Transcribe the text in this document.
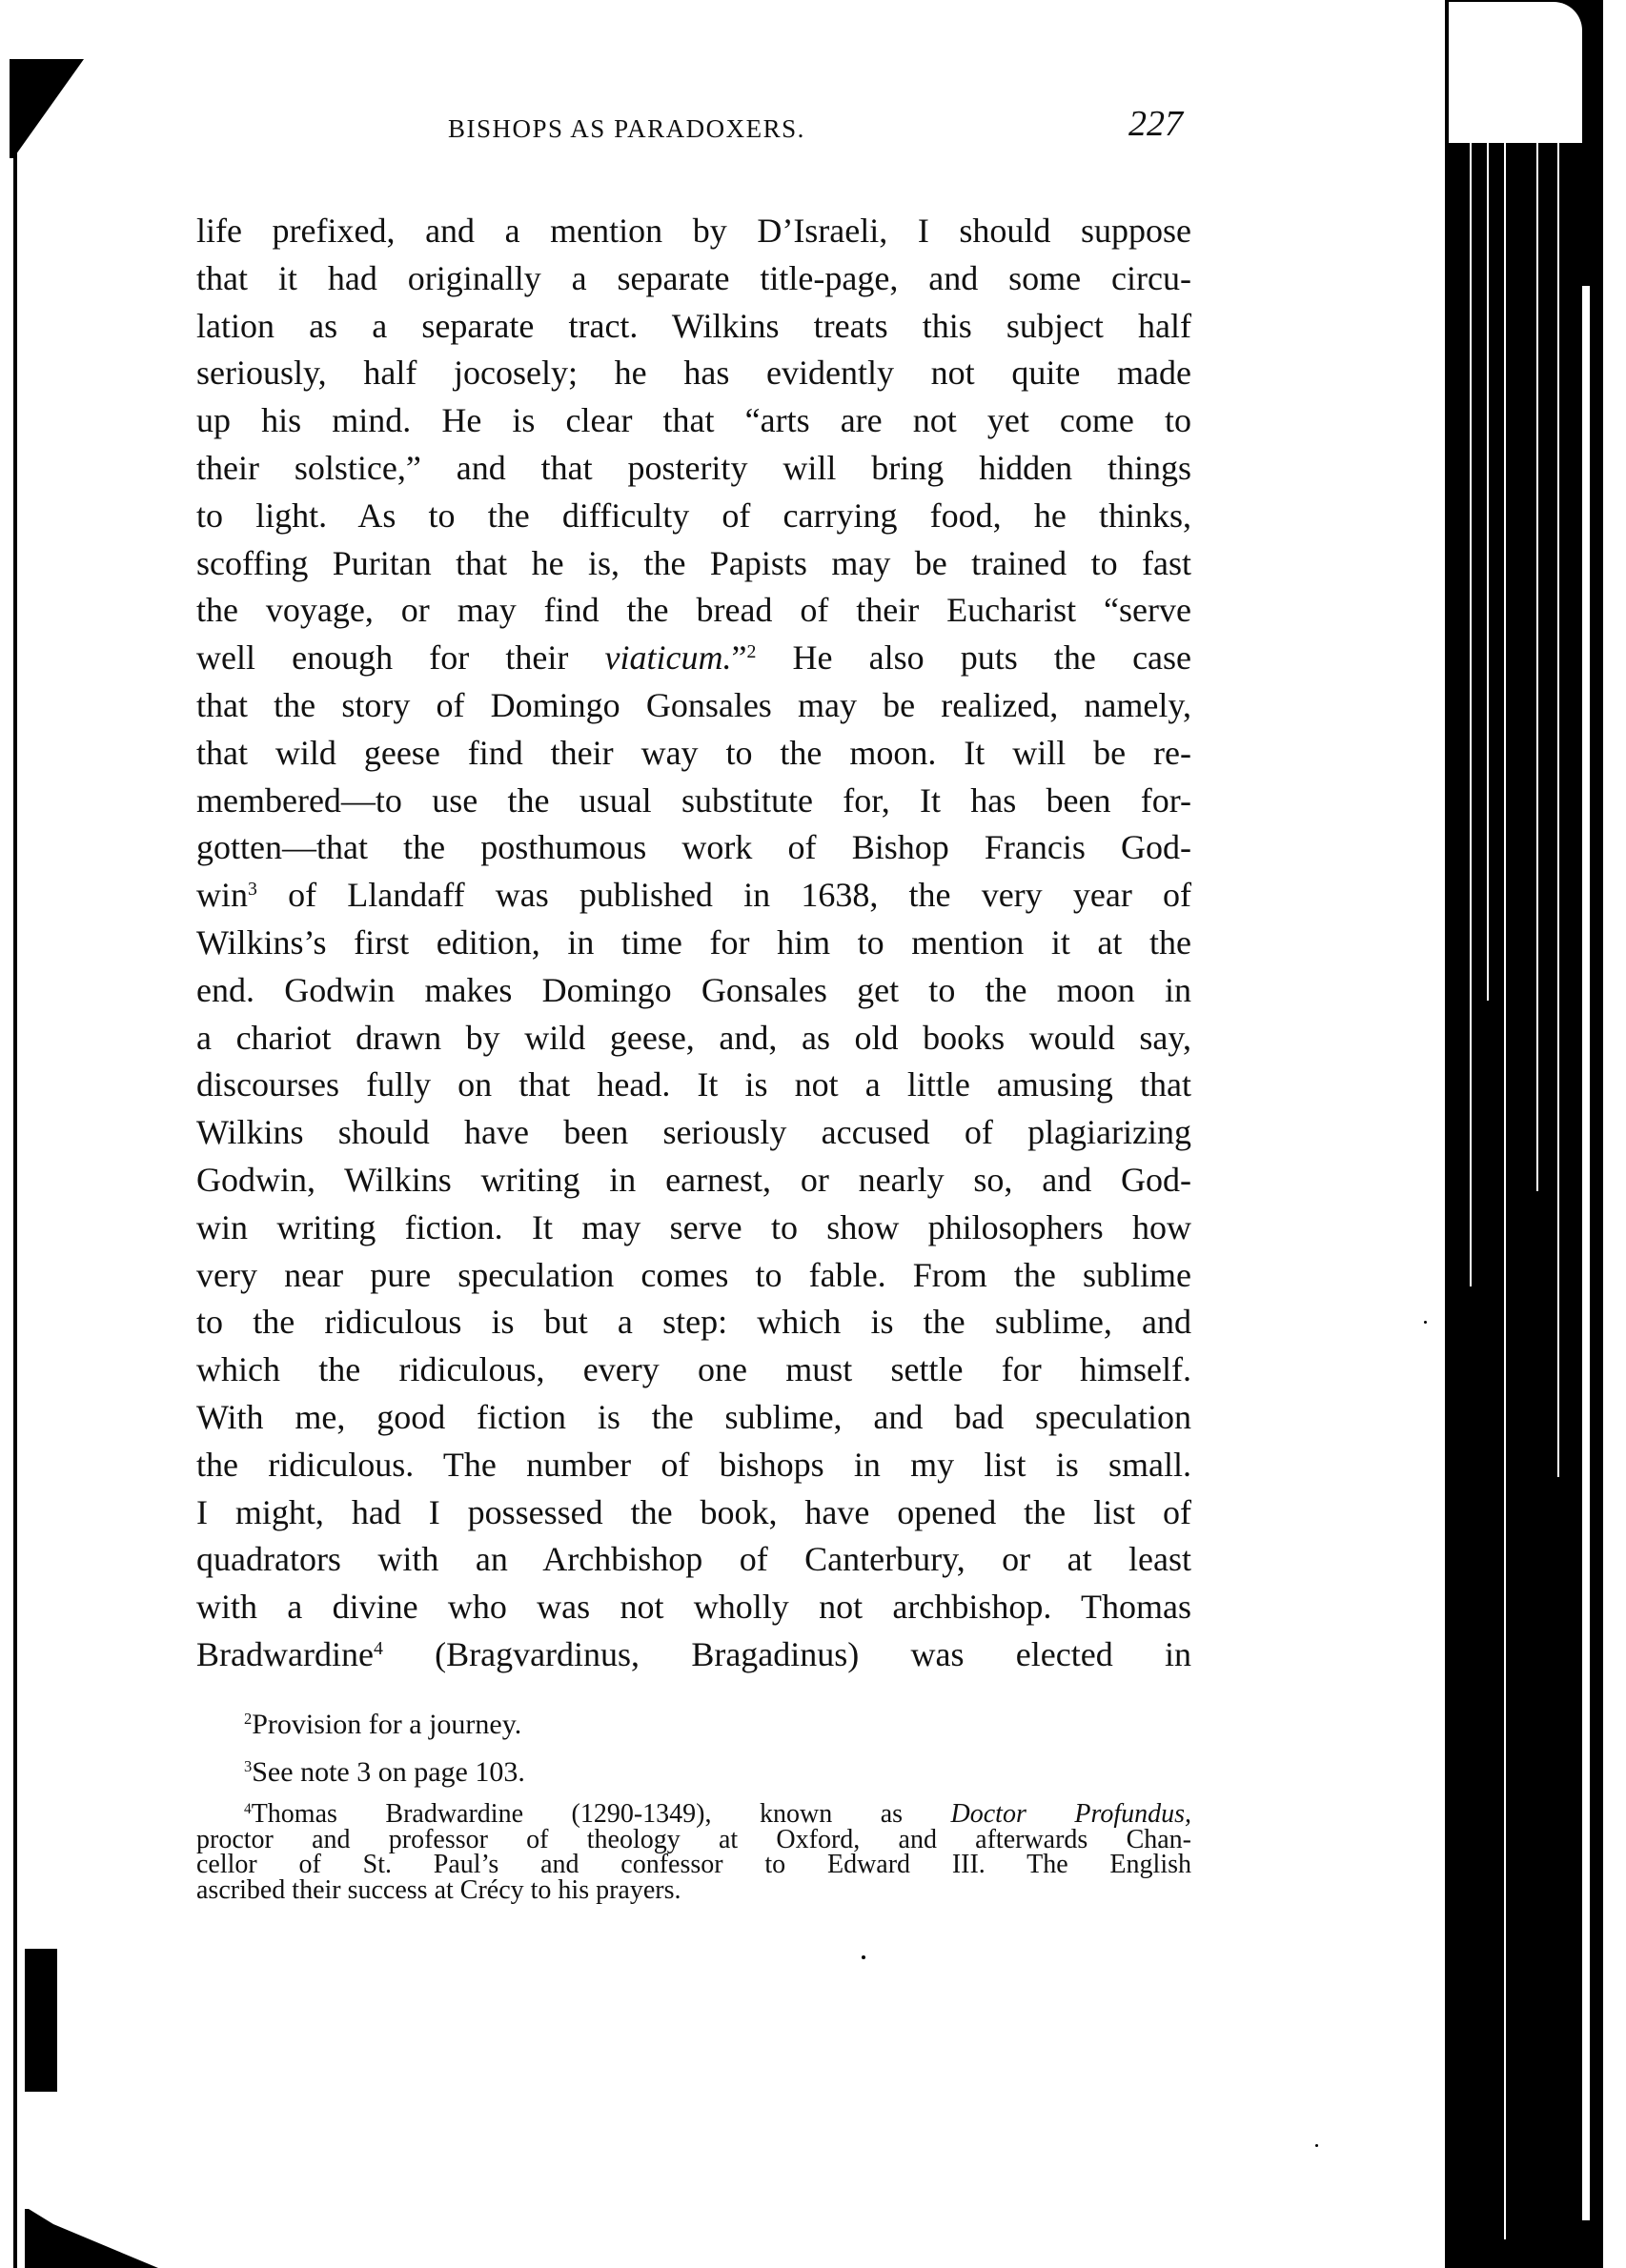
BISHOPS AS PARADOXERS.	227
life prefixed, and a mention by D’Israeli, I should suppose
that it had originally a separate title-page, and some circu-
lation as a separate tract. Wilkins treats this subject half
seriously, half jocosely; he has evidently not quite made
up his mind. He is clear that “arts are not yet come to
their solstice,” and that posterity will bring hidden things
to light. As to the difficulty of carrying food, he thinks,
scoffing Puritan that he is, the Papists may be trained to fast
the voyage, or may find the bread of their Eucharist “serve
well enough for their viaticum.”$^2$ He also puts the case
that the story of Domingo Gonsales may be realized, namely,
that wild geese find their way to the moon. It will be re-
membered—to use the usual substitute for, It has been for-
gotten—that the posthumous work of Bishop Francis God-
win$^3$ of Llandaff was published in 1638, the very year of
Wilkins’s first edition, in time for him to mention it at the
end. Godwin makes Domingo Gonsales get to the moon in
a chariot drawn by wild geese, and, as old books would say,
discourses fully on that head. It is not a little amusing that
Wilkins should have been seriously accused of plagiarizing
Godwin, Wilkins writing in earnest, or nearly so, and God-
win writing fiction. It may serve to show philosophers how
very near pure speculation comes to fable. From the sublime
to the ridiculous is but a step: which is the sublime, and
which the ridiculous, every one must settle for himself.
With me, good fiction is the sublime, and bad speculation
the ridiculous. The number of bishops in my list is small.
I might, had I possessed the book, have opened the list of
quadrators with an Archbishop of Canterbury, or at least
with a divine who was not wholly not archbishop. Thomas
Bradwardine$^4$ (Bragvardinus, Bragadinus) was elected in
$^2$Provision for a journey.
$^3$See note 3 on page 103.
$^4$Thomas Bradwardine (1290-1349), known as Doctor Profundus,
proctor and professor of theology at Oxford, and afterwards Chan-
cellor of St. Paul’s and confessor to Edward III. The English
ascribed their success at Crécy to his prayers.
